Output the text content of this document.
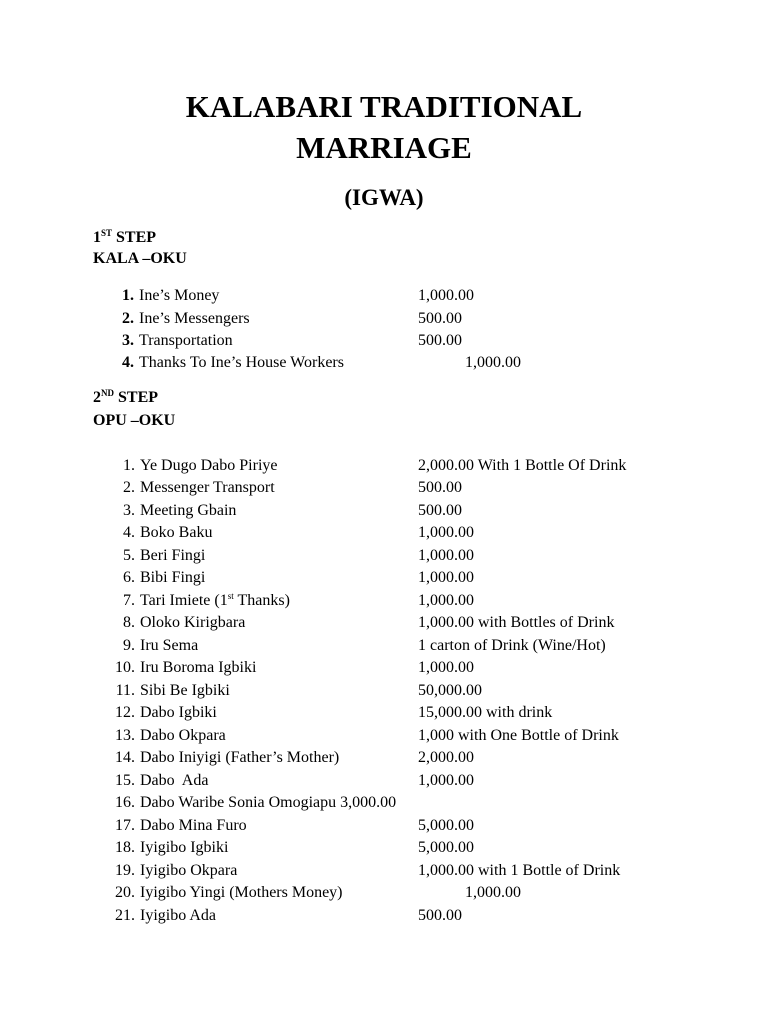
KALABARI TRADITIONAL
MARRIAGE
(IGWA)
1ST STEP
KALA –OKU
1. Ine’s Money	1,000.00
2. Ine’s Messengers	500.00
3. Transportation	500.00
4. Thanks To Ine’s House Workers	1,000.00
2ND STEP
OPU –OKU
1. Ye Dugo Dabo Piriye	2,000.00 With 1 Bottle Of Drink
2. Messenger Transport	500.00
3. Meeting Gbain	500.00
4. Boko Baku	1,000.00
5. Beri Fingi	1,000.00
6. Bibi Fingi	1,000.00
7. Tari Imiete (1st Thanks)	1,000.00
8. Oloko Kirigbara	1,000.00 with Bottles of Drink
9. Iru Sema	1 carton of Drink (Wine/Hot)
10. Iru Boroma Igbiki	1,000.00
11. Sibi Be Igbiki	50,000.00
12. Dabo Igbiki	15,000.00 with drink
13. Dabo Okpara	1,000 with One Bottle of Drink
14. Dabo Iniyigi (Father’s Mother)	2,000.00
15. Dabo  Ada	1,000.00
16. Dabo Waribe Sonia Omogiapu 3,000.00
17. Dabo Mina Furo	5,000.00
18. Iyigibo Igbiki	5,000.00
19. Iyigibo Okpara	1,000.00 with 1 Bottle of Drink
20. Iyigibo Yingi (Mothers Money)	1,000.00
21. Iyigibo Ada	500.00
